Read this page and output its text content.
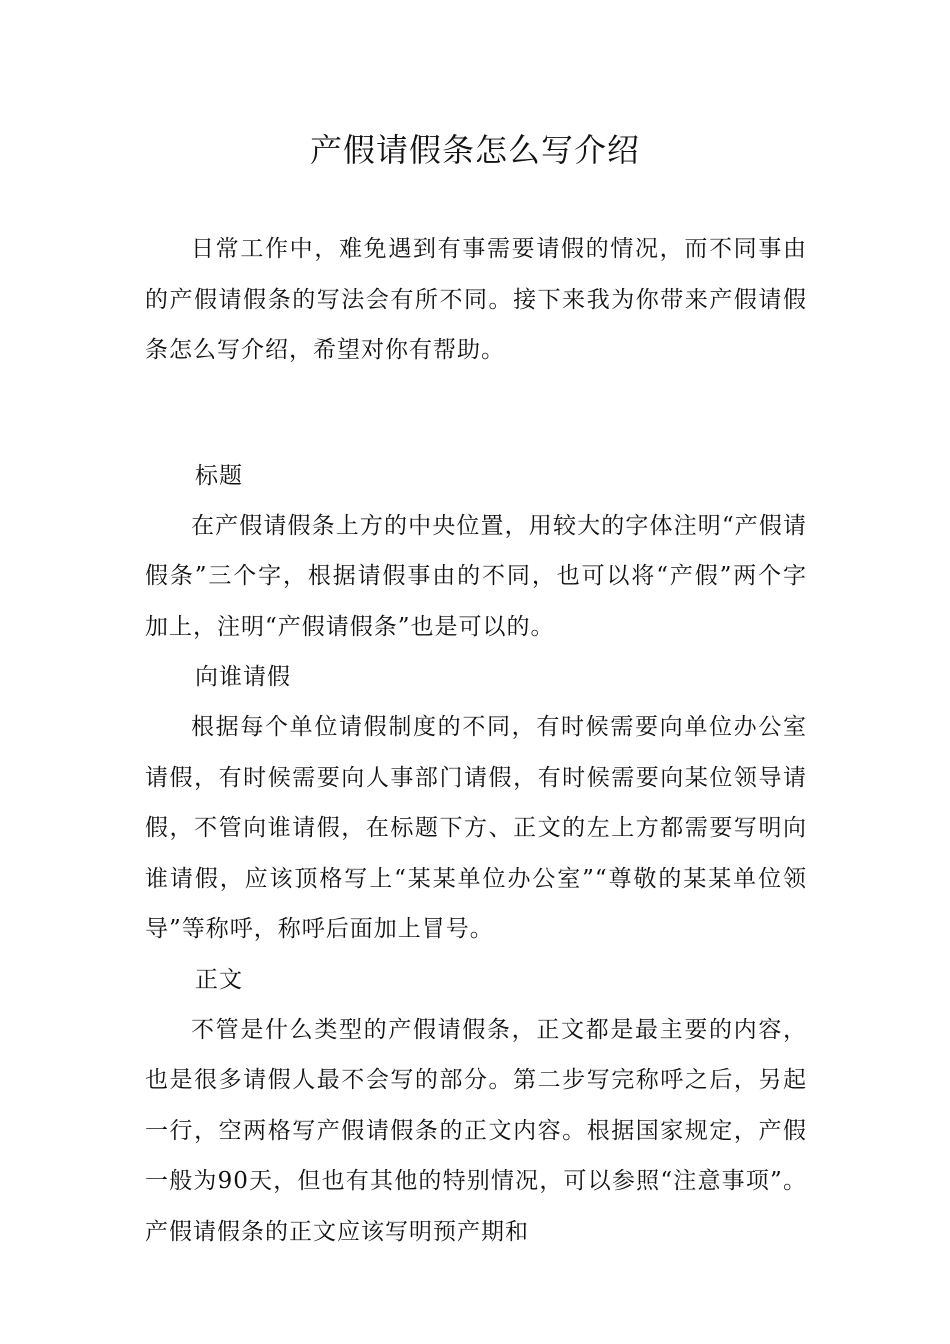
产假请假条怎么写介绍

日常工作中，难免遇到有事需要请假的情况，而不同事由的产假请假条的写法会有所不同。接下来我为你带来产假请假条怎么写介绍，希望对你有帮助。

标题

在产假请假条上方的中央位置，用较大的字体注明“产假请假条”三个字，根据请假事由的不同，也可以将“产假”两个字加上，注明“产假请假条”也是可以的。

向谁请假

根据每个单位请假制度的不同，有时候需要向单位办公室请假，有时候需要向人事部门请假，有时候需要向某位领导请假，不管向谁请假，在标题下方、正文的左上方都需要写明向谁请假，应该顶格写上“某某单位办公室”“尊敬的某某单位领导”等称呼，称呼后面加上冒号。

正文

不管是什么类型的产假请假条，正文都是最主要的内容，也是很多请假人最不会写的部分。第二步写完称呼之后，另起一行，空两格写产假请假条的正文内容。根据国家规定，产假一般为90天，但也有其他的特别情况，可以参照“注意事项”。产假请假条的正文应该写明预产期和
